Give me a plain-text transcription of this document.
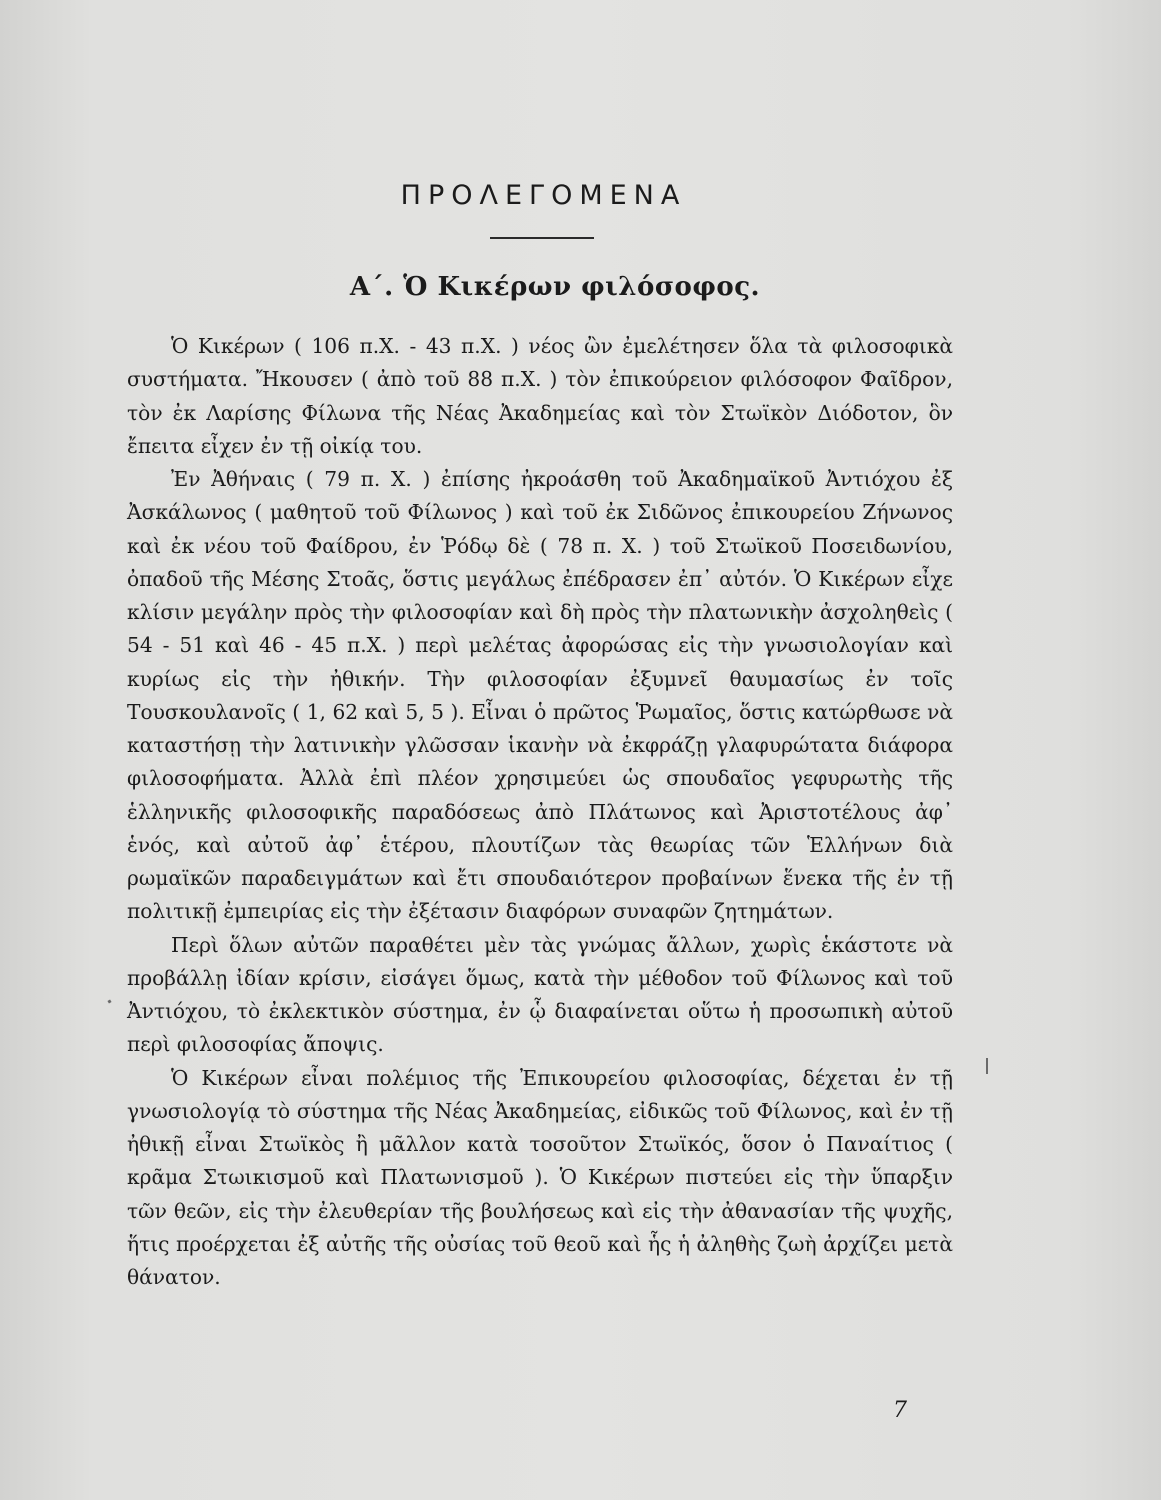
ΠΡΟΛΕΓΟΜΕΝΑ
Α΄. Ὁ Κικέρων φιλόσοφος.

Ὁ Κικέρων ( 106 π.Χ. - 43 π.Χ. ) νέος ὢν ἐμελέτησεν ὅλα τὰ φιλοσοφικὰ συστήματα. Ἤκουσεν ( ἀπὸ τοῦ 88 π.Χ. ) τὸν ἐπικούρειον φιλόσοφον Φαῖδρον, τὸν ἐκ Λαρίσης Φίλωνα τῆς Νέας Ἀκαδημείας καὶ τὸν Στωϊκὸν Διόδοτον, ὃν ἔπειτα εἶχεν ἐν τῇ οἰκίᾳ του.

Ἐν Ἀθήναις ( 79 π. Χ. ) ἐπίσης ἠκροάσθη τοῦ Ἀκαδημαϊκοῦ Ἀντιόχου ἐξ Ἀσκάλωνος ( μαθητοῦ τοῦ Φίλωνος ) καὶ τοῦ ἐκ Σιδῶνος ἐπικουρείου Ζήνωνος καὶ ἐκ νέου τοῦ Φαίδρου, ἐν Ῥόδῳ δὲ ( 78 π. Χ. ) τοῦ Στωϊκοῦ Ποσειδωνίου, ὀπαδοῦ τῆς Μέσης Στοᾶς, ὅστις μεγάλως ἐπέδρασεν ἐπ᾽ αὐτόν. Ὁ Κικέρων εἶχε κλίσιν μεγάλην πρὸς τὴν φιλοσοφίαν καὶ δὴ πρὸς τὴν πλατωνικὴν ἀσχοληθεὶς ( 54 - 51 καὶ 46 - 45 π.Χ. ) περὶ μελέτας ἀφορώσας εἰς τὴν γνωσιολογίαν καὶ κυρίως εἰς τὴν ἠθικήν. Τὴν φιλοσοφίαν ἐξυμνεῖ θαυμασίως ἐν τοῖς Τουσκουλανοῖς ( 1, 62 καὶ 5, 5 ). Εἶναι ὁ πρῶτος Ῥωμαῖος, ὅστις κατώρθωσε νὰ καταστήσῃ τὴν λατινικὴν γλῶσσαν ἱκανὴν νὰ ἐκφράζῃ γλαφυρώτατα διάφορα φιλοσοφήματα. Ἀλλὰ ἐπὶ πλέον χρησιμεύει ὡς σπουδαῖος γεφυρωτὴς τῆς ἑλληνικῆς φιλοσοφικῆς παραδόσεως ἀπὸ Πλάτωνος καὶ Ἀριστοτέλους ἀφ᾽ ἑνός, καὶ αὐτοῦ ἀφ᾽ ἑτέρου, πλουτίζων τὰς θεωρίας τῶν Ἑλλήνων διὰ ρωμαϊκῶν παραδειγμάτων καὶ ἔτι σπουδαιότερον προβαίνων ἕνεκα τῆς ἐν τῇ πολιτικῇ ἐμπειρίας εἰς τὴν ἐξέτασιν διαφόρων συναφῶν ζητημάτων.

Περὶ ὅλων αὐτῶν παραθέτει μὲν τὰς γνώμας ἄλλων, χωρὶς ἑκάστοτε νὰ προβάλλῃ ἰδίαν κρίσιν, εἰσάγει ὅμως, κατὰ τὴν μέθοδον τοῦ Φίλωνος καὶ τοῦ Ἀντιόχου, τὸ ἐκλεκτικὸν σύστημα, ἐν ᾧ διαφαίνεται οὕτω ἡ προσωπικὴ αὐτοῦ περὶ φιλοσοφίας ἄποψις.

Ὁ Κικέρων εἶναι πολέμιος τῆς Ἐπικουρείου φιλοσοφίας, δέχεται ἐν τῇ γνωσιολογίᾳ τὸ σύστημα τῆς Νέας Ἀκαδημείας, εἰδικῶς τοῦ Φίλωνος, καὶ ἐν τῇ ἠθικῇ εἶναι Στωϊκὸς ἢ μᾶλλον κατὰ τοσοῦτον Στωϊκός, ὅσον ὁ Παναίτιος ( κρᾶμα Στωικισμοῦ καὶ Πλατωνισμοῦ ). Ὁ Κικέρων πιστεύει εἰς τὴν ὕπαρξιν τῶν θεῶν, εἰς τὴν ἐλευθερίαν τῆς βουλήσεως καὶ εἰς τὴν ἀθανασίαν τῆς ψυχῆς, ἥτις προέρχεται ἐξ αὐτῆς τῆς οὐσίας τοῦ θεοῦ καὶ ἧς ἡ ἀληθὴς ζωὴ ἀρχίζει μετὰ θάνατον.

7
